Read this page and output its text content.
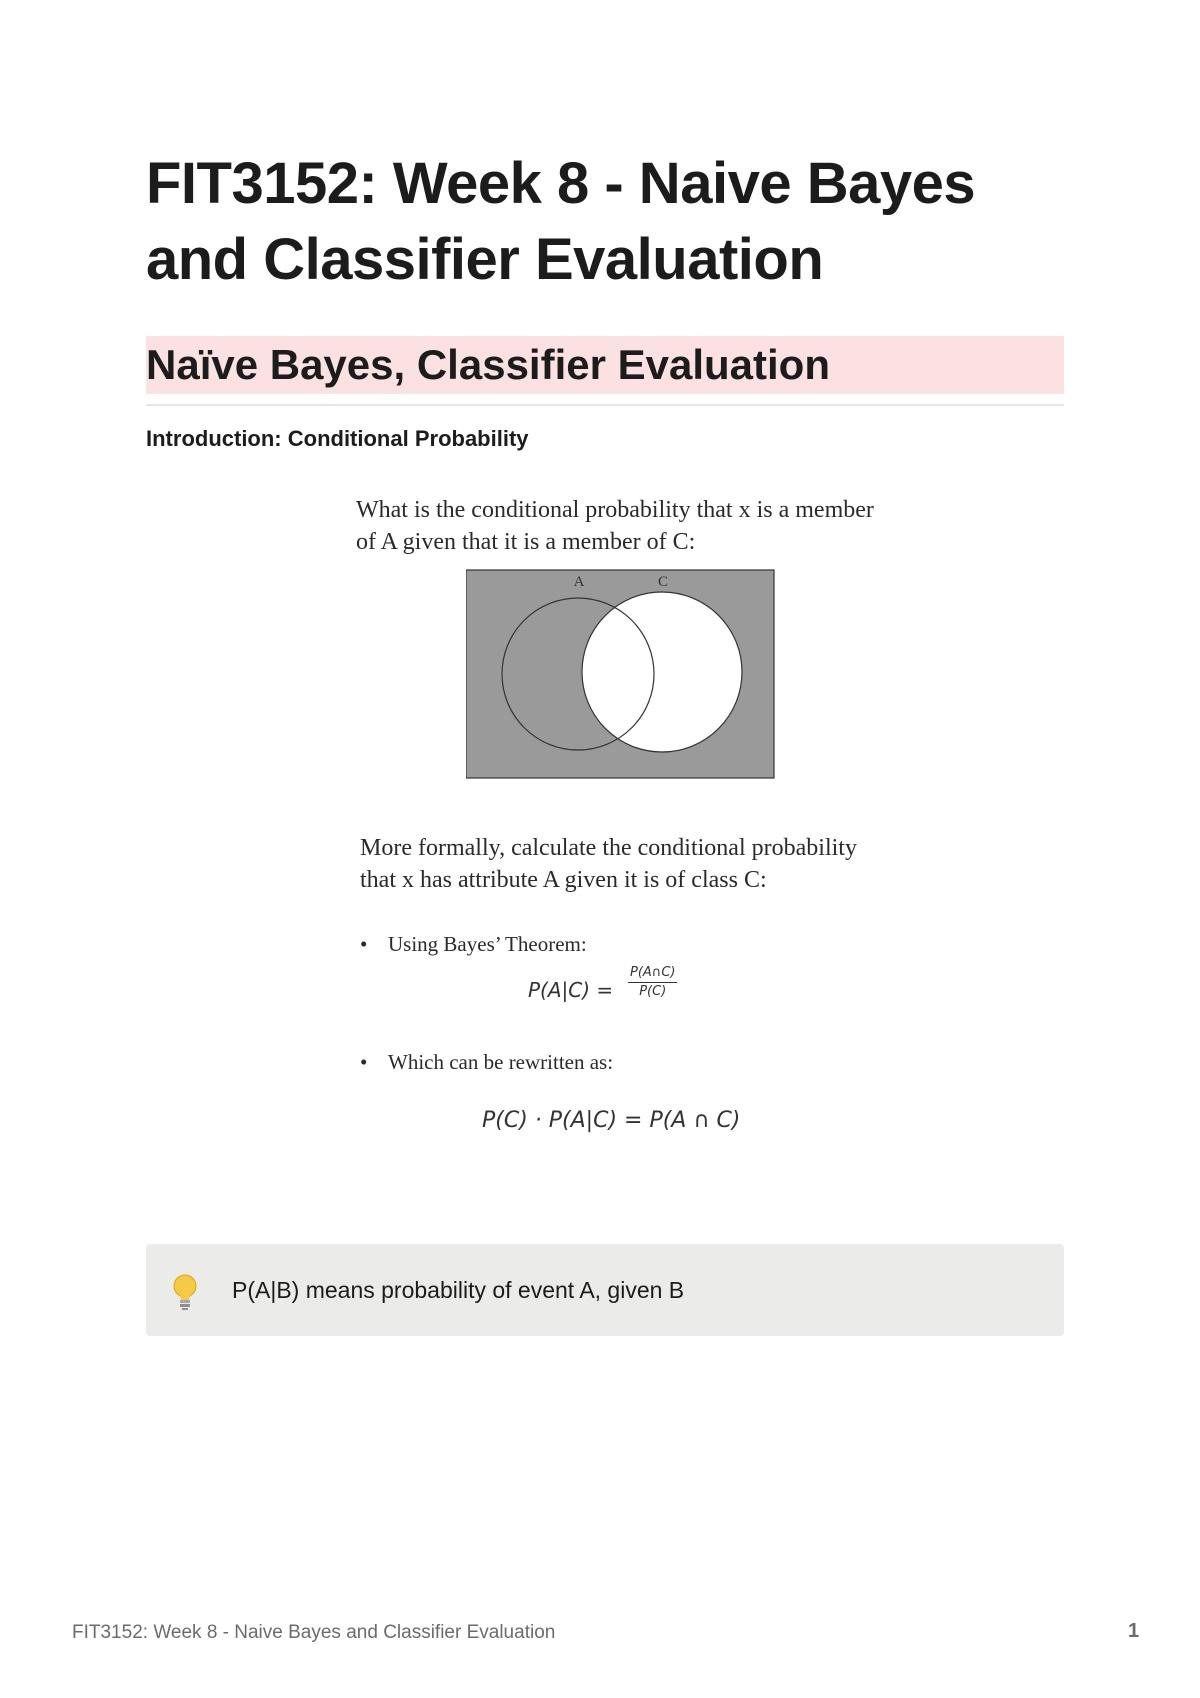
FIT3152: Week 8 - Naive Bayes and Classifier Evaluation
Naïve Bayes, Classifier Evaluation
Introduction: Conditional Probability
What is the conditional probability that x is a member of A given that it is a member of C:
A	C
More formally, calculate the conditional probability that x has attribute A given it is of class C:
• Using Bayes’ Theorem:
$P(A|C) = \frac{P(A\cap C)}{P(C)}$
• Which can be rewritten as:
P(C) · P(A|C) = P(A ∩ C)
P(A|B) means probability of event A, given B
FIT3152: Week 8 - Naive Bayes and Classifier Evaluation	1
